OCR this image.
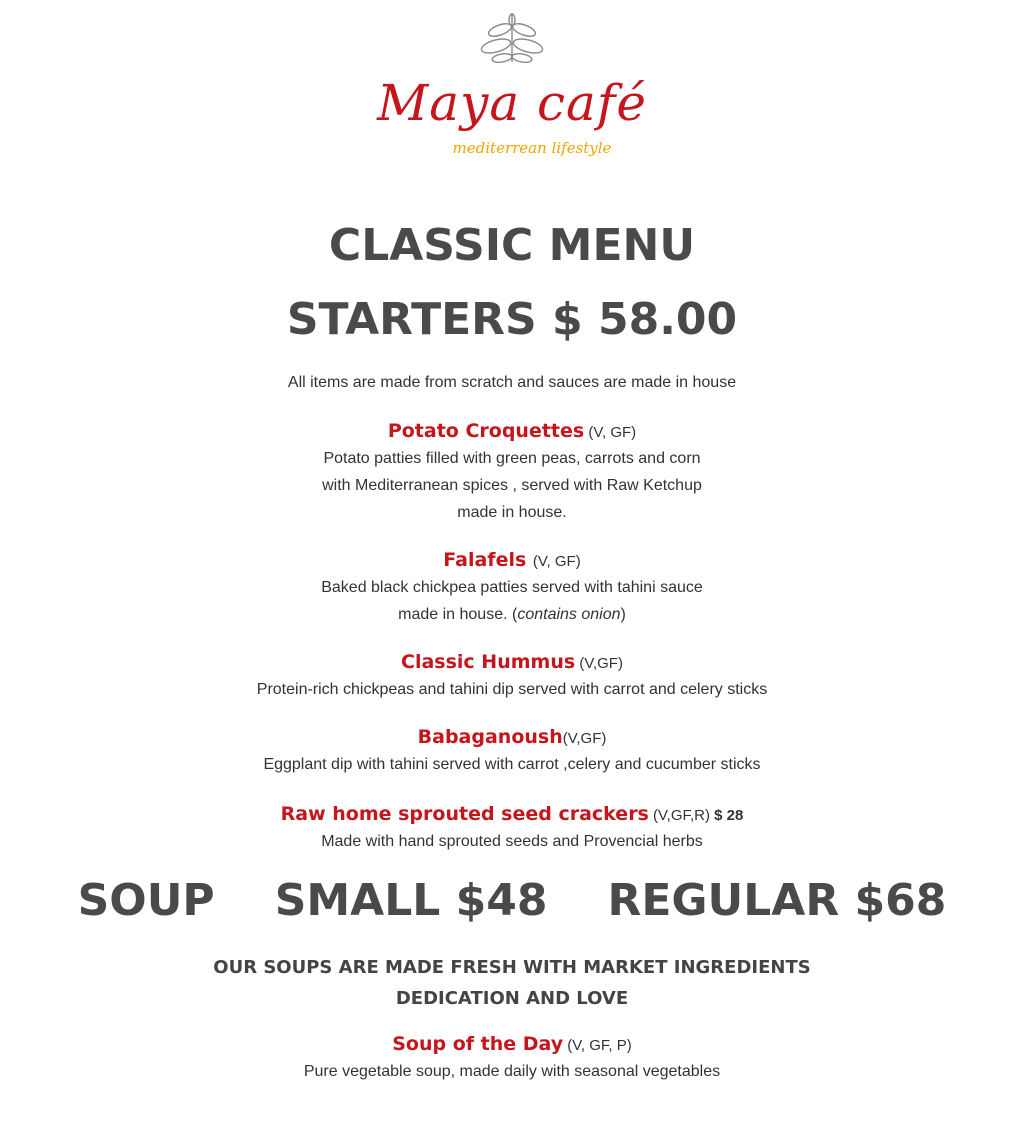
Maya café
mediterrean lifestyle
CLASSIC MENU
STARTERS $ 58.00
All items are made from scratch and sauces are made in house
Potato Croquettes (V, GF)
Potato patties filled with green peas, carrots and corn
with Mediterranean spices , served with Raw Ketchup
made in house.
Falafels (V, GF)
Baked black chickpea patties served with tahini sauce
made in house. (contains onion)
Classic Hummus (V,GF)
Protein-rich chickpeas and tahini dip served with carrot and celery sticks
Babaganoush(V,GF)
Eggplant dip with tahini served with carrot ,celery and cucumber sticks
Raw home sprouted seed crackers (V,GF,R) $ 28
Made with hand sprouted seeds and Provencial herbs
SOUP SMALL $48 REGULAR $68
OUR SOUPS ARE MADE FRESH WITH MARKET INGREDIENTS
DEDICATION AND LOVE
Soup of the Day (V, GF, P)
Pure vegetable soup, made daily with seasonal vegetables
